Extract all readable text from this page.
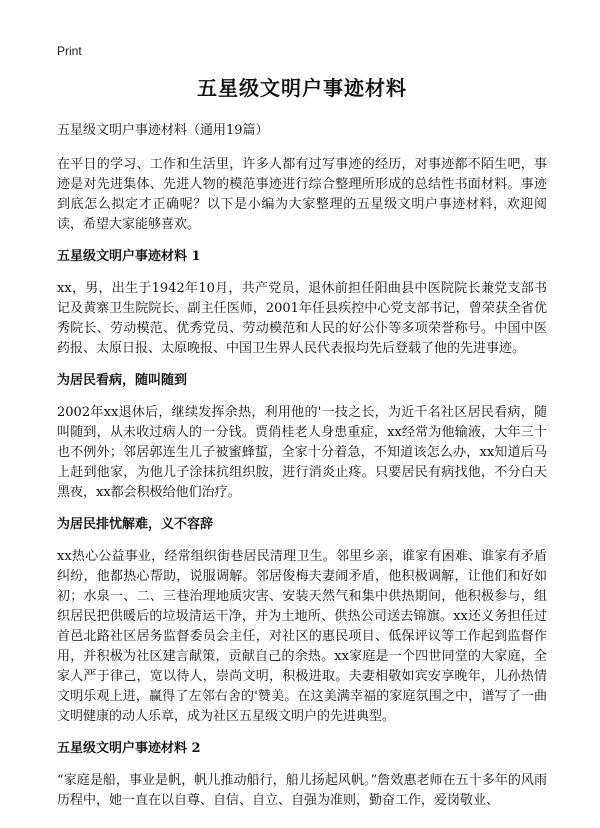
Print
五星级文明户事迹材料

五星级文明户事迹材料（通用19篇）

在平日的学习、工作和生活里，许多人都有过写事迹的经历，对事迹都不陌生吧，事迹是对先进集体、先进人物的模范事迹进行综合整理所形成的总结性书面材料。事迹到底怎么拟定才正确呢？以下是小编为大家整理的五星级文明户事迹材料，欢迎阅读，希望大家能够喜欢。

五星级文明户事迹材料 1

xx，男，出生于1942年10月，共产党员，退休前担任阳曲县中医院院长兼党支部书记及黄寨卫生院院长、副主任医师，2001年任县疾控中心党支部书记，曾荣获全省优秀院长、劳动模范、优秀党员、劳动模范和人民的好公仆等多项荣誉称号。中国中医药报、太原日报、太原晚报、中国卫生界人民代表报均先后登载了他的先进事迹。

为居民看病，随叫随到

2002年xx退休后，继续发挥余热，利用他的'一技之长，为近千名社区居民看病，随叫随到，从未收过病人的一分钱。贾俏桂老人身患重症，xx经常为他输液，大年三十也不例外；邻居郭连生儿子被蜜蜂蜇，全家十分着急，不知道该怎么办，xx知道后马上赶到他家，为他儿子涂抹抗组织胺，进行消炎止疼。只要居民有病找他，不分白天黑夜，xx都会积极给他们治疗。

为居民排忧解难，义不容辞

xx热心公益事业，经常组织街巷居民清理卫生。邻里乡亲，谁家有困难、谁家有矛盾纠纷，他都热心帮助，说服调解。邻居俊梅夫妻闹矛盾，他积极调解，让他们和好如初；水泉一、二、三巷治理地质灾害、安装天然气和集中供热期间，他积极参与，组织居民把供暖后的垃圾清运干净，并为土地所、供热公司送去锦旗。xx还义务担任过首邑北路社区居务监督委员会主任，对社区的惠民项目、低保评议等工作起到监督作用，并积极为社区建言献策，贡献自己的余热。xx家庭是一个四世同堂的大家庭，全家人严于律己，宽以待人，崇尚文明，积极进取。夫妻相敬如宾安享晚年，儿孙热情文明乐观上进，赢得了左邻右舍的'赞美。在这美满幸福的家庭氛围之中，谱写了一曲文明健康的动人乐章，成为社区五星级文明户的先进典型。

五星级文明户事迹材料 2

“家庭是船，事业是帆，帆儿推动船行，船儿扬起风帆。”詹效惠老师在五十多年的风雨历程中，她一直在以自尊、自信、自立、自强为准则，勤奋工作，爱岗敬业、
